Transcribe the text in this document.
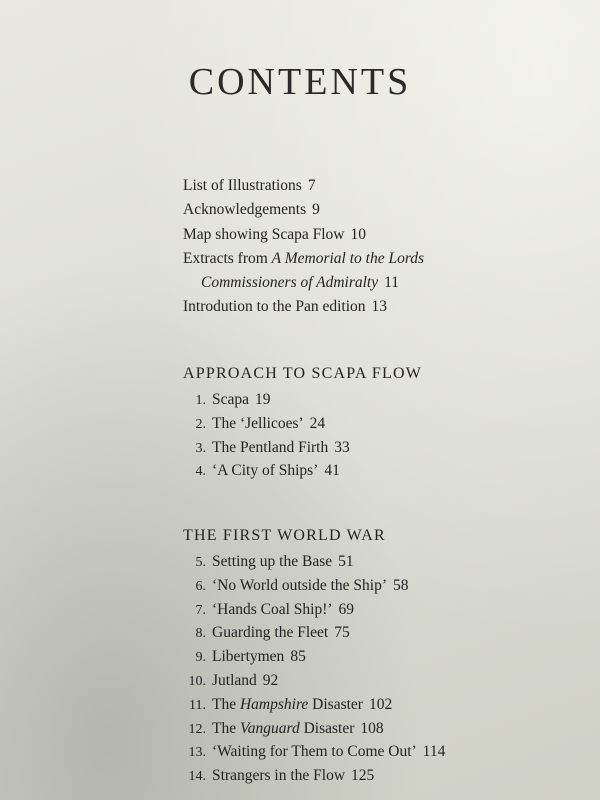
CONTENTS
List of Illustrations 7
Acknowledgements 9
Map showing Scapa Flow 10
Extracts from A Memorial to the Lords
Commissioners of Admiralty 11
Introdution to the Pan edition 13
APPROACH TO SCAPA FLOW
1. Scapa 19
2. The ‘Jellicoes’ 24
3. The Pentland Firth 33
4. ‘A City of Ships’ 41
THE FIRST WORLD WAR
5. Setting up the Base 51
6. ‘No World outside the Ship’ 58
7. ‘Hands Coal Ship!’ 69
8. Guarding the Fleet 75
9. Libertymen 85
10. Jutland 92
11. The Hampshire Disaster 102
12. The Vanguard Disaster 108
13. ‘Waiting for Them to Come Out’ 114
14. Strangers in the Flow 125
